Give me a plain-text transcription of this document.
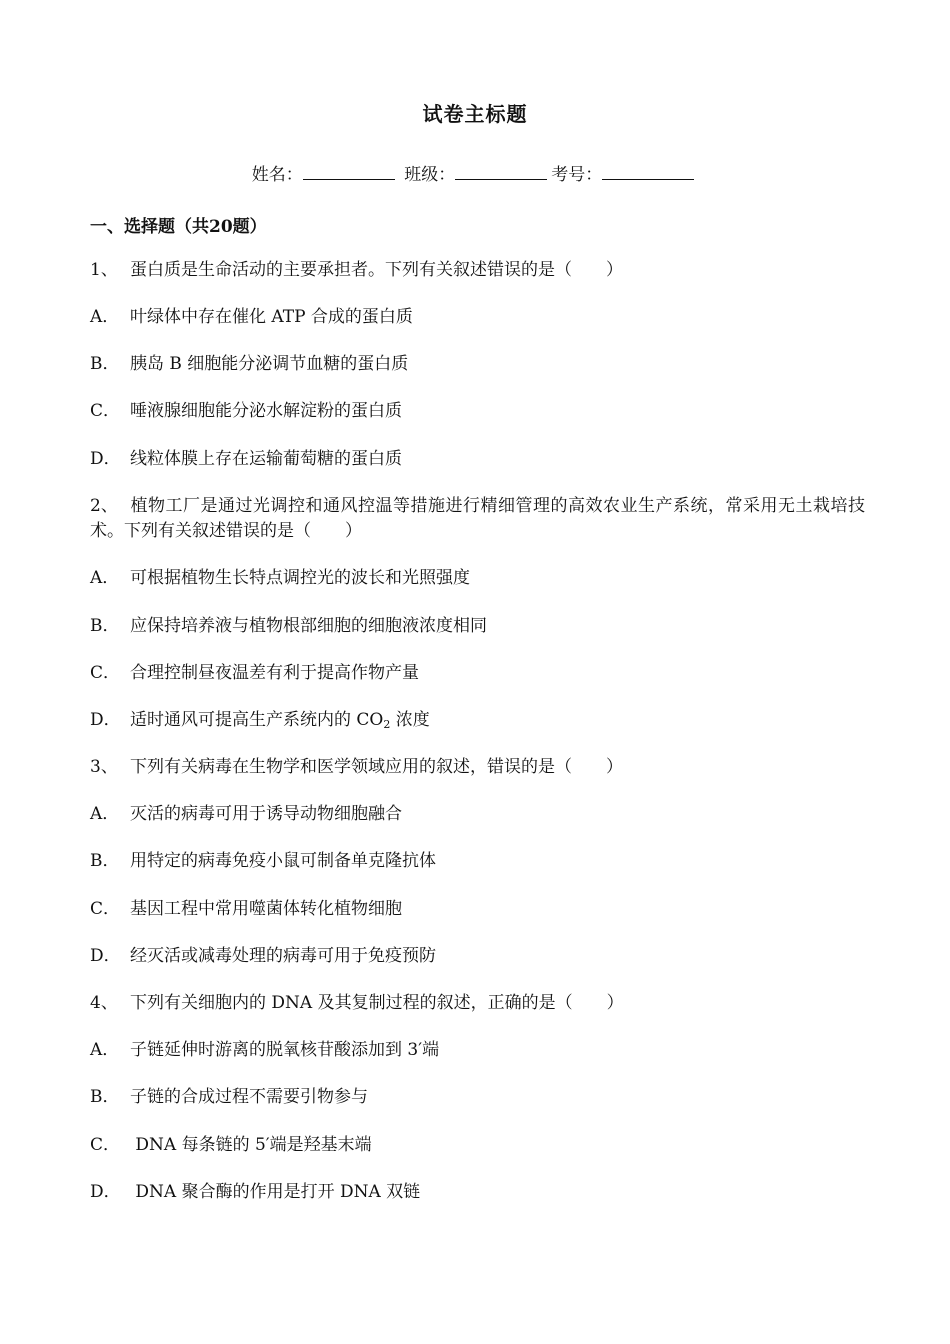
试卷主标题
姓名：	班级：	考号：
一、选择题（共20题）
1、 蛋白质是生命活动的主要承担者。下列有关叙述错误的是（　　）
A． 叶绿体中存在催化 ATP 合成的蛋白质
B． 胰岛 B 细胞能分泌调节血糖的蛋白质
C． 唾液腺细胞能分泌水解淀粉的蛋白质
D． 线粒体膜上存在运输葡萄糖的蛋白质
2、 植物工厂是通过光调控和通风控温等措施进行精细管理的高效农业生产系统，常采用无土栽培技术。下列有关叙述错误的是（　　）
A． 可根据植物生长特点调控光的波长和光照强度
B． 应保持培养液与植物根部细胞的细胞液浓度相同
C． 合理控制昼夜温差有利于提高作物产量
D． 适时通风可提高生产系统内的 $CO_2$ 浓度
3、 下列有关病毒在生物学和医学领域应用的叙述，错误的是（　　）
A． 灭活的病毒可用于诱导动物细胞融合
B． 用特定的病毒免疫小鼠可制备单克隆抗体
C． 基因工程中常用噬菌体转化植物细胞
D． 经灭活或减毒处理的病毒可用于免疫预防
4、 下列有关细胞内的 DNA 及其复制过程的叙述，正确的是（　　）
A． 子链延伸时游离的脱氧核苷酸添加到 3′端
B． 子链的合成过程不需要引物参与
C． DNA 每条链的 5′端是羟基末端
D． DNA 聚合酶的作用是打开 DNA 双链
